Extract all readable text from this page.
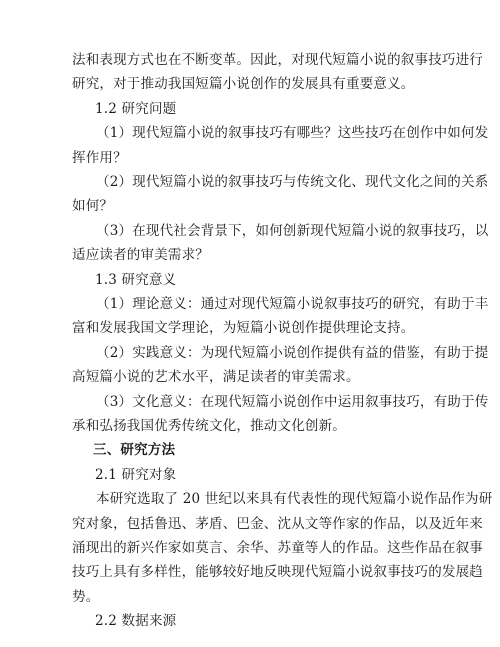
法和表现方式也在不断变革。因此，对现代短篇小说的叙事技巧进行
研究，对于推动我国短篇小说创作的发展具有重要意义。
1.2 研究问题
（1）现代短篇小说的叙事技巧有哪些？这些技巧在创作中如何发
挥作用？
（2）现代短篇小说的叙事技巧与传统文化、现代文化之间的关系
如何？
（3）在现代社会背景下，如何创新现代短篇小说的叙事技巧，以
适应读者的审美需求？
1.3 研究意义
（1）理论意义：通过对现代短篇小说叙事技巧的研究，有助于丰
富和发展我国文学理论，为短篇小说创作提供理论支持。
（2）实践意义：为现代短篇小说创作提供有益的借鉴，有助于提
高短篇小说的艺术水平，满足读者的审美需求。
（3）文化意义：在现代短篇小说创作中运用叙事技巧，有助于传
承和弘扬我国优秀传统文化，推动文化创新。
三、研究方法
2.1 研究对象
本研究选取了 20 世纪以来具有代表性的现代短篇小说作品作为研
究对象，包括鲁迅、茅盾、巴金、沈从文等作家的作品，以及近年来
涌现出的新兴作家如莫言、余华、苏童等人的作品。这些作品在叙事
技巧上具有多样性，能够较好地反映现代短篇小说叙事技巧的发展趋
势。
2.2 数据来源
